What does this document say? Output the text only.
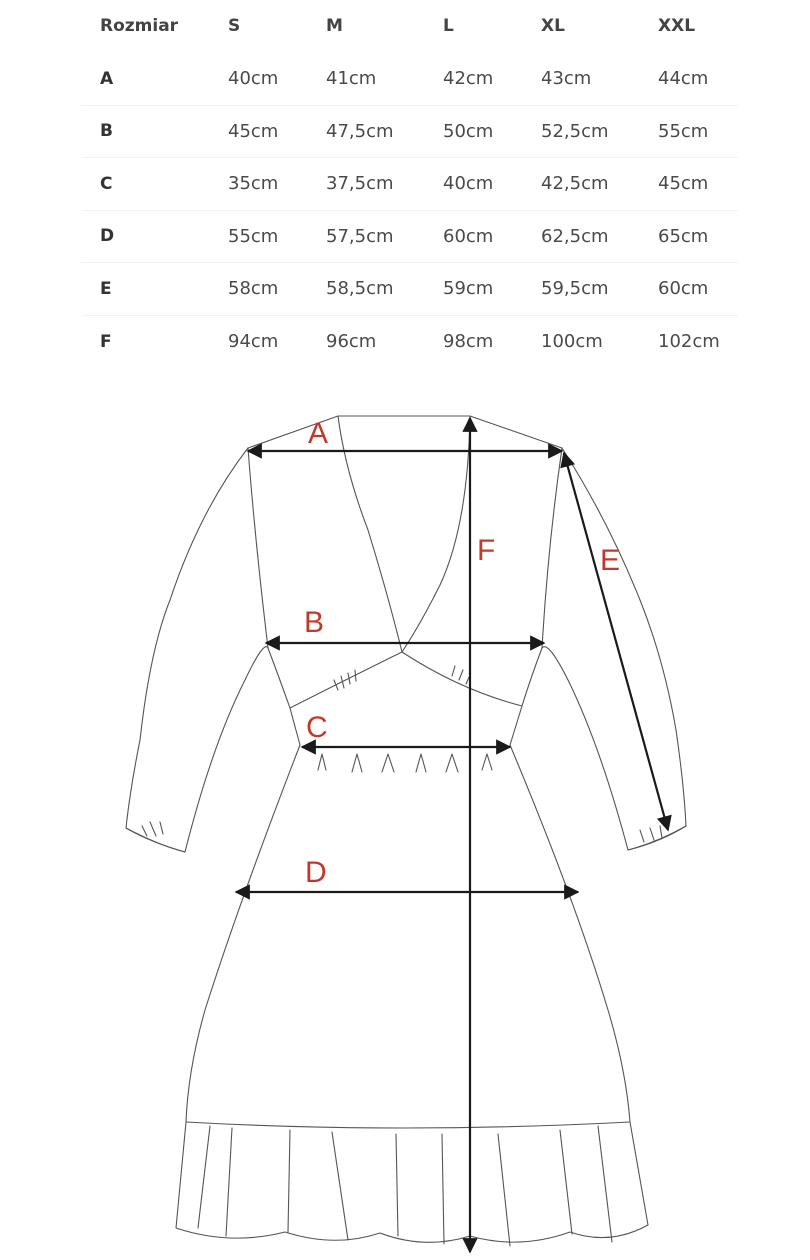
Rozmiar	S	M	L	XL	XXL
A	40cm	41cm	42cm	43cm	44cm
B	45cm	47,5cm	50cm	52,5cm	55cm
C	35cm	37,5cm	40cm	42,5cm	45cm
D	55cm	57,5cm	60cm	62,5cm	65cm
E	58cm	58,5cm	59cm	59,5cm	60cm
F	94cm	96cm	98cm	100cm	102cm
A
B
C
D
E
F
